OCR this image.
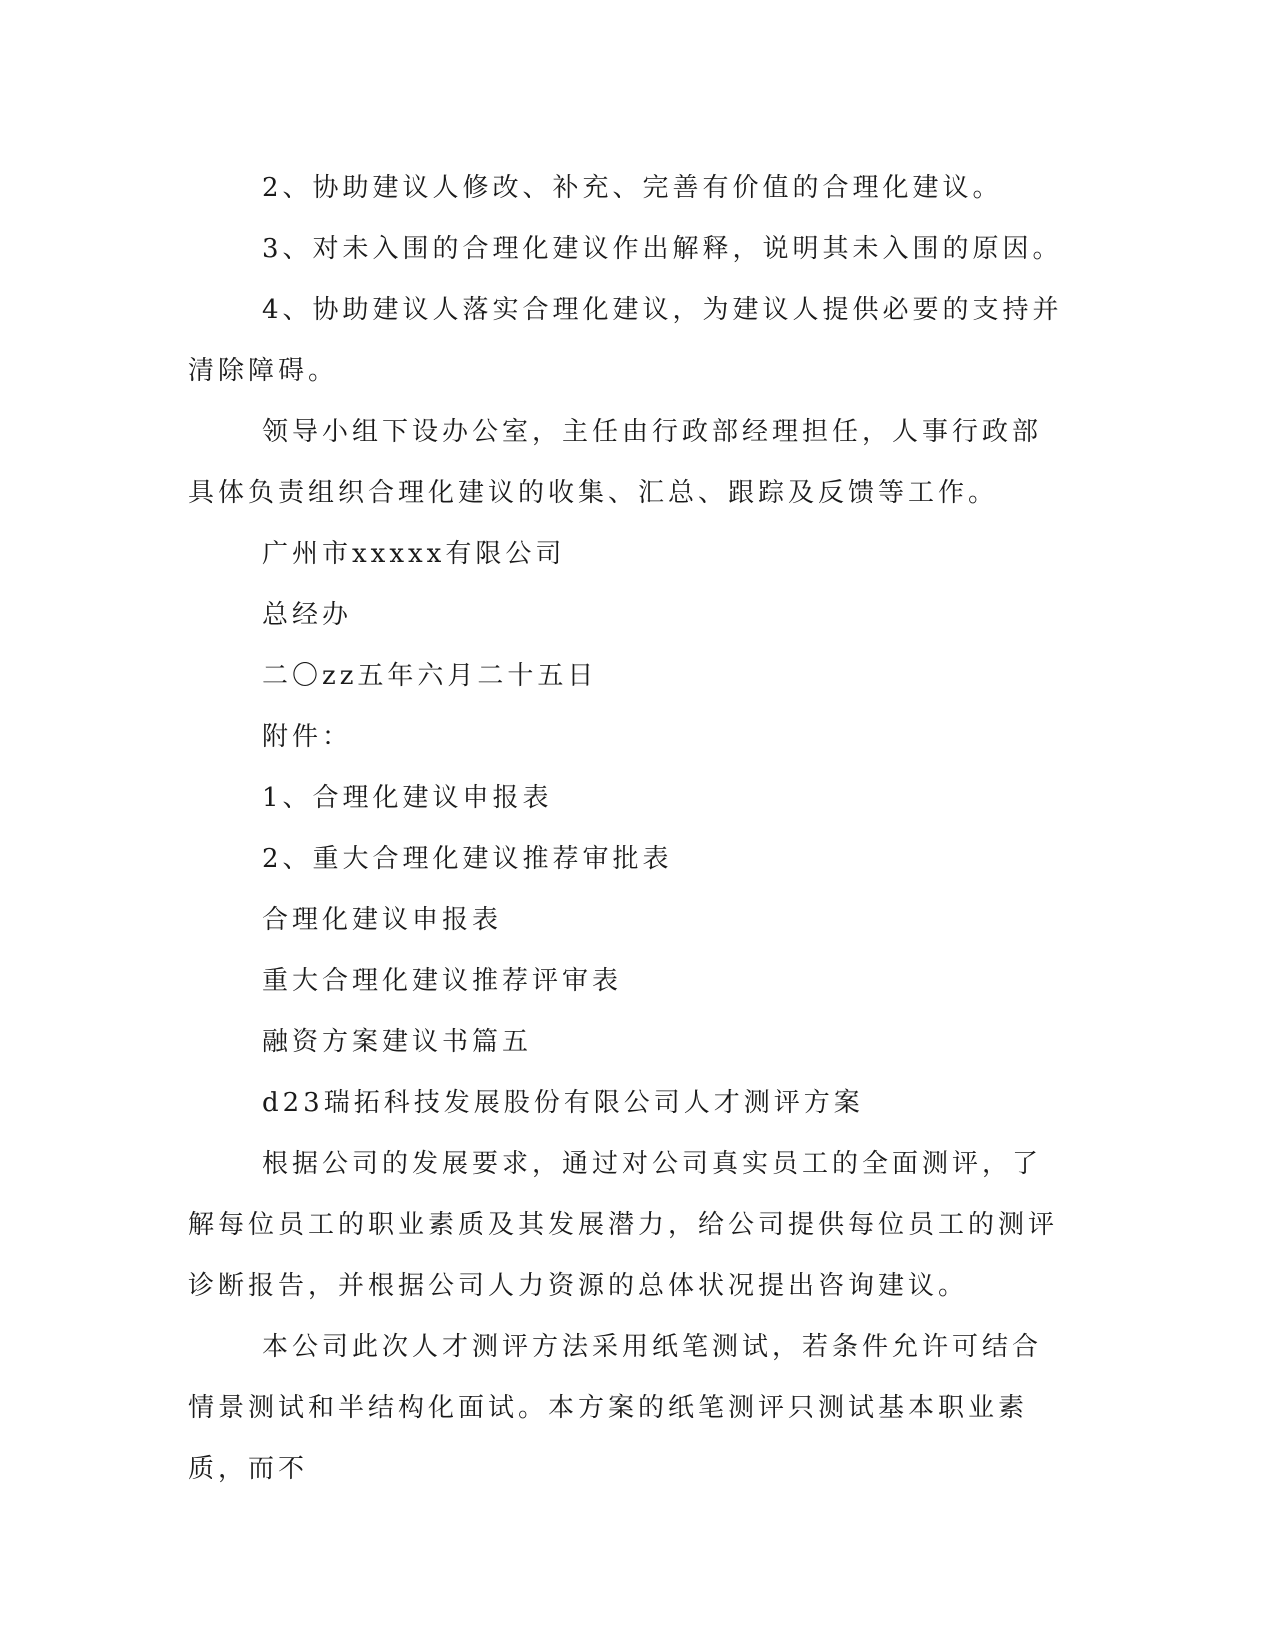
2、协助建议人修改、补充、完善有价值的合理化建议。

3、对未入围的合理化建议作出解释，说明其未入围的原因。

4、协助建议人落实合理化建议，为建议人提供必要的支持并清除障碍。

领导小组下设办公室，主任由行政部经理担任，人事行政部具体负责组织合理化建议的收集、汇总、跟踪及反馈等工作。

广州市xxxxx有限公司

总经办

二〇zz五年六月二十五日

附件：

1、合理化建议申报表

2、重大合理化建议推荐审批表

合理化建议申报表

重大合理化建议推荐评审表

融资方案建议书篇五

d23瑞拓科技发展股份有限公司人才测评方案

根据公司的发展要求，通过对公司真实员工的全面测评，了解每位员工的职业素质及其发展潜力，给公司提供每位员工的测评诊断报告，并根据公司人力资源的总体状况提出咨询建议。

本公司此次人才测评方法采用纸笔测试，若条件允许可结合情景测试和半结构化面试。本方案的纸笔测评只测试基本职业素质，而不
